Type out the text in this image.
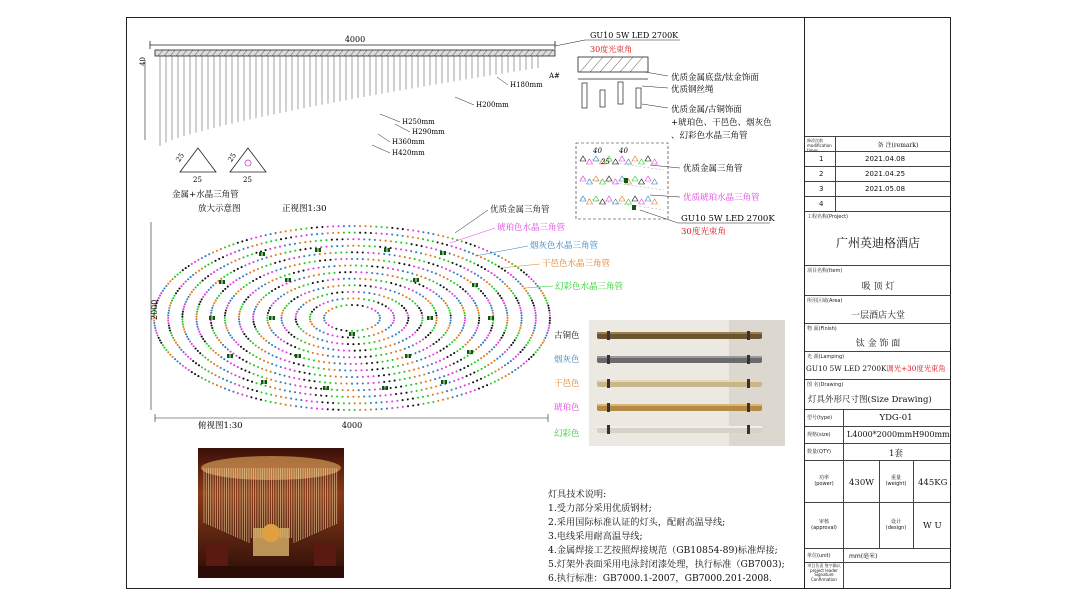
4000
40
A#
H180mm
H200mm
H250mm
H290mm
H360mm
H420mm
GU10 5W LED 2700K
30度光束角
25
25
25
25
金属+水晶三角管
放大示意图	正视图1:30
优质金属底盘/钛金饰面
优质钢丝绳
优质金属/古铜饰面
+琥珀色、干邑色、烟灰色
、幻彩色水晶三角管
40 40
25
优质金属三角管
优质琥珀水晶三角管
GU10 5W LED 2700K
30度光束角
2000
4000
俯视图1:30
优质金属三角管
琥珀色水晶三角管
烟灰色水晶三角管
干邑色水晶三角管
幻彩色水晶三角管
古铜色
烟灰色
干邑色
琥珀色
幻彩色
灯具技术说明:
1.受力部分采用优质钢材;
2.采用国际标准认证的灯头，配耐高温导线;
3.电线采用耐高温导线;
4.金属焊接工艺按照焊接规范（GB10854-89)标准焊接;
5.灯架外表面采用电泳封闭漆处理，执行标准（GB7003);
6.执行标准：GB7000.1-2007，GB7000.201-2008.
修改次数 modification times
备 注(remark)
1	2021.04.08
2	2021.04.25
3	2021.05.08
4
工程名称(Project)
广州英迪格酒店
项目名称(Item)
吸 顶 灯
所用区域(Area)
一层酒店大堂
物 面(Finish)
钛 金 饰 面
光 源(Lamping)
GU10 5W LED 2700K调光+30度光束角
图 名(Drawing)
灯具外形尺寸图(Size Drawing)
型号(type)	YDG-01
规格(size) L4000*2000mmH900mm
数量(QTY)	1套
功率 (power)	430W	重量 (weight)	445KG
审核 (approval)
设计 (design)	W U
单位(unit)	mm(毫米)
项目负责 签字确认 project leader Signature Confirmation
